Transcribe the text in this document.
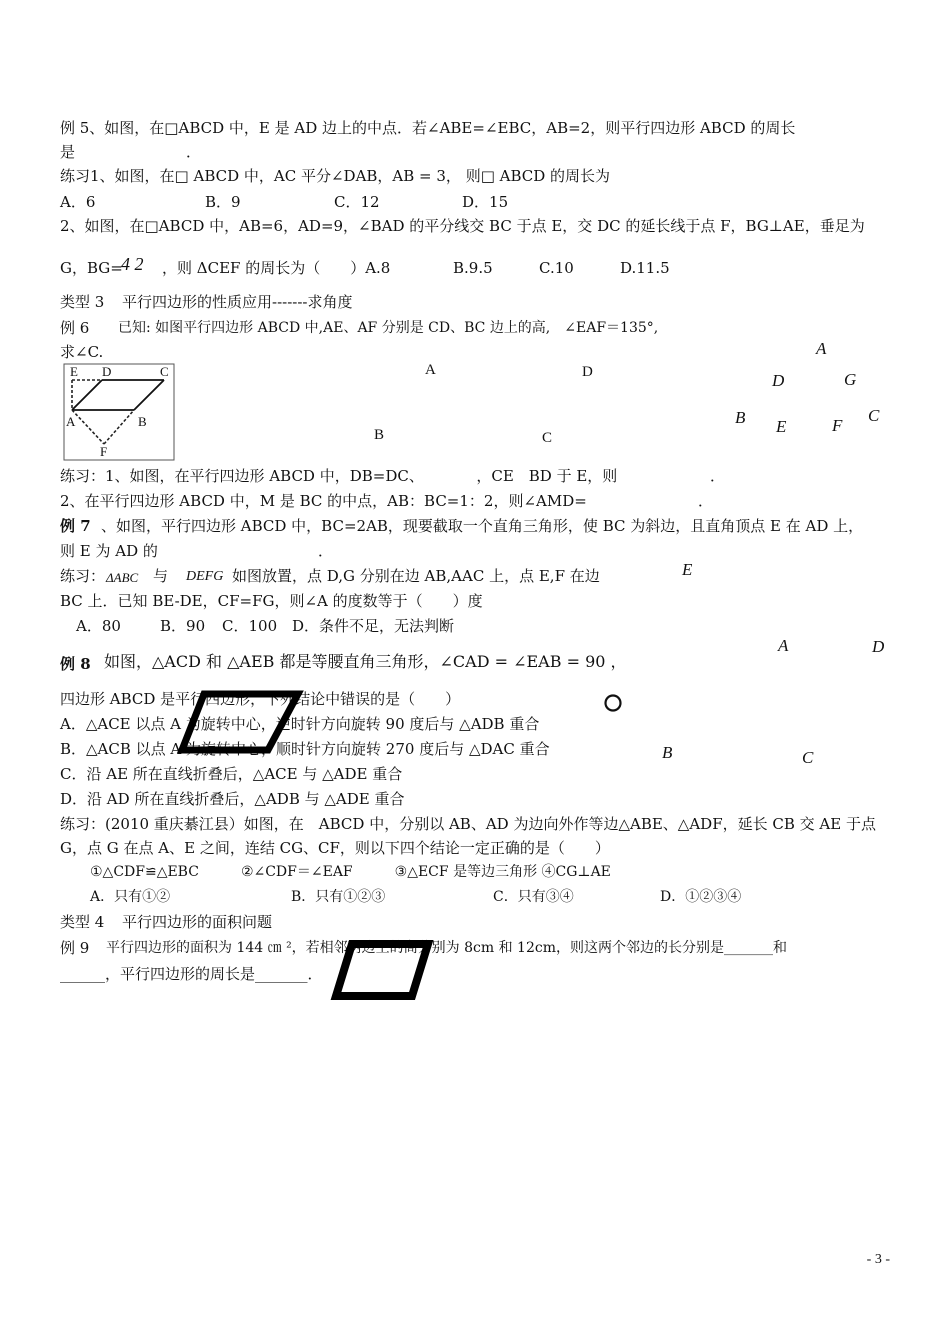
例 5、如图，在□ABCD 中，E 是 AD 边上的中点．若∠ABE=∠EBC，AB=2，则平行四边形 ABCD 的周长
是	．
练习1、如图，在□ ABCD 中，AC 平分∠DAB，AB = 3， 则□ ABCD 的周长为
A．6	B．9	C．12	D．15
2、如图，在□ABCD 中，AB=6，AD=9，∠BAD 的平分线交 BC 于点 E，交 DC 的延长线于点 F，BG⊥AE，垂足为
G，BG=
4 2 ，则 ΔCEF 的周长为（　　）A.8	B.9.5	C.10	D.11.5
类型 3 平行四边形的性质应用-------求角度
例 6 已知: 如图平行四边形 ABCD 中,AE、AF 分别是 CD、BC 边上的高,　∠EAF＝135°,
求∠C.
E D	C
A	B
F
A	D
B	C
A
D	G
B E	F
C
练习：1、如图，在平行四边形 ABCD 中，DB=DC、　　　　，CE　BD 于 E，则	．
2、在平行四边形 ABCD 中，M 是 BC 的中点，AB：BC=1：2，则∠AMD=	．
例 7 、如图，平行四边形 ABCD 中，BC=2AB，现要截取一个直角三角形，使 BC 为斜边，且直角顶点 E 在 AD 上，
则 E 为 AD 的	．
练习： ΔABC 与 DEFG 如图放置，点 D,G 分别在边 AB,AAC 上，点 E,F 在边	E
BC 上．已知 BE-DE，CF=FG，则∠A 的度数等于（　　）度
A．80	B．90 C．100 D．条件不足，无法判断
A	D
例 8 如图，△ACD 和 △AEB 都是等腰直角三角形，∠CAD = ∠EAB = 90 ，
四边形 ABCD 是平行四边形，下列结论中错误的是（　　）
A．△ACE 以点 A 为旋转中心，逆时针方向旋转 90 度后与 △ADB 重合
B．△ACB 以点 A 为旋转中心，顺时针方向旋转 270 度后与 △DAC 重合	B	C
C．沿 AE 所在直线折叠后，△ACE 与 △ADE 重合
D．沿 AD 所在直线折叠后，△ADB 与 △ADE 重合
练习：(2010 重庆綦江县）如图，在　ABCD 中，分别以 AB、AD 为边向外作等边△ABE、△ADF，延长 CB 交 AE 于点
G，点 G 在点 A、E 之间，连结 CG、CF，则以下四个结论一定正确的是（　　）
①△CDF≌△EBC　　　②∠CDF＝∠EAF　　　③△ECF 是等边三角形 ④CG⊥AE
A．只有①②	B．只有①②③	C．只有③④	D．①②③④
类型 4 平行四边形的面积问题
例 9 平行四边形的面积为 144 ㎝ ²，若相邻两边上的高分别为 8cm 和 12cm，则这两个邻边的长分别是_______和
______，平行四边形的周长是_______．
- 3 -
